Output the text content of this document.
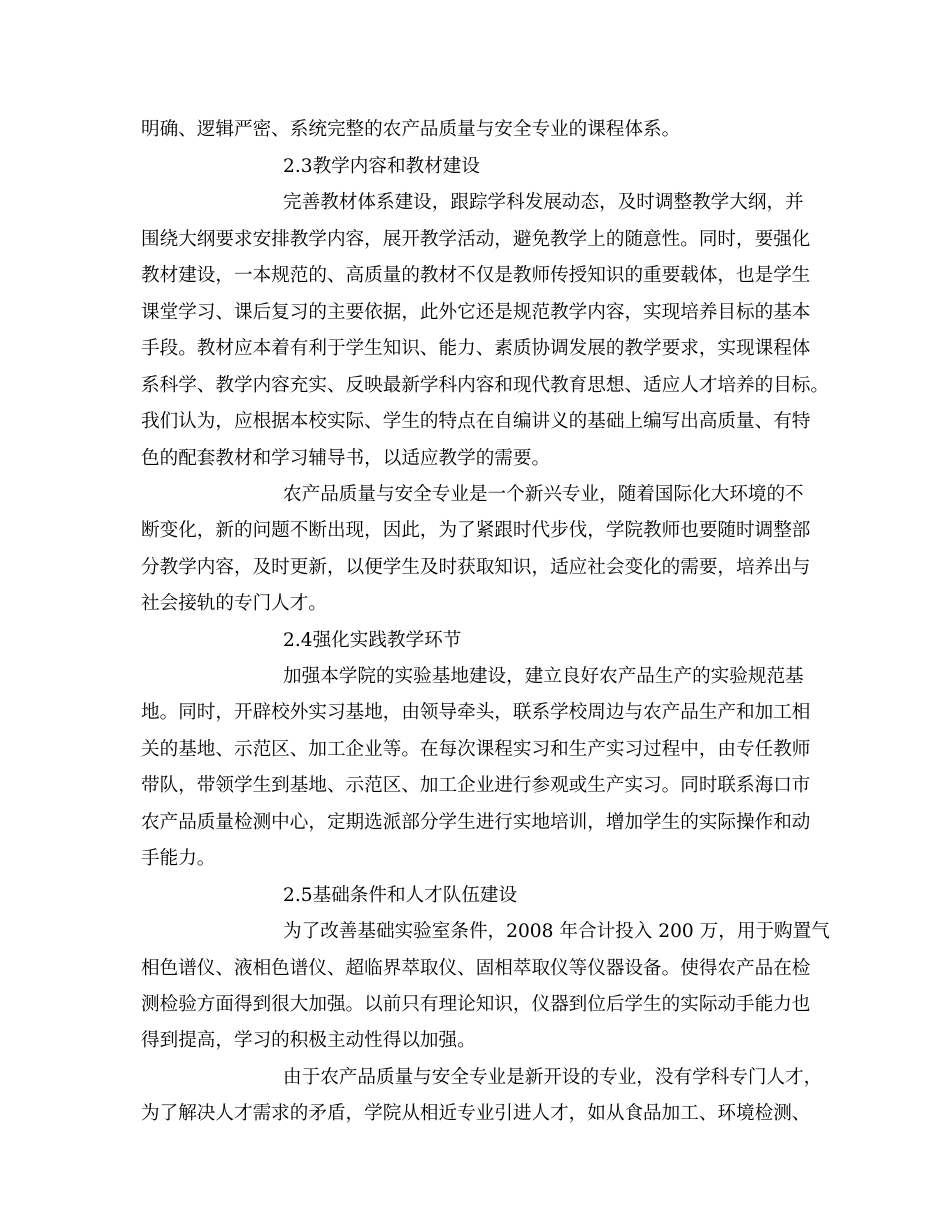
明确、逻辑严密、系统完整的农产品质量与安全专业的课程体系。
2.3教学内容和教材建设
完善教材体系建设，跟踪学科发展动态，及时调整教学大纲，并
围绕大纲要求安排教学内容，展开教学活动，避免教学上的随意性。同时，要强化
教材建设，一本规范的、高质量的教材不仅是教师传授知识的重要载体，也是学生
课堂学习、课后复习的主要依据，此外它还是规范教学内容，实现培养目标的基本
手段。教材应本着有利于学生知识、能力、素质协调发展的教学要求，实现课程体
系科学、教学内容充实、反映最新学科内容和现代教育思想、适应人才培养的目标。
我们认为，应根据本校实际、学生的特点在自编讲义的基础上编写出高质量、有特
色的配套教材和学习辅导书，以适应教学的需要。
农产品质量与安全专业是一个新兴专业，随着国际化大环境的不
断变化，新的问题不断出现，因此，为了紧跟时代步伐，学院教师也要随时调整部
分教学内容，及时更新，以便学生及时获取知识，适应社会变化的需要，培养出与
社会接轨的专门人才。
2.4强化实践教学环节
加强本学院的实验基地建设，建立良好农产品生产的实验规范基
地。同时，开辟校外实习基地，由领导牵头，联系学校周边与农产品生产和加工相
关的基地、示范区、加工企业等。在每次课程实习和生产实习过程中，由专任教师
带队，带领学生到基地、示范区、加工企业进行参观或生产实习。同时联系海口市
农产品质量检测中心，定期选派部分学生进行实地培训，增加学生的实际操作和动
手能力。
2.5基础条件和人才队伍建设
为了改善基础实验室条件，2008 年合计投入 200 万，用于购置气
相色谱仪、液相色谱仪、超临界萃取仪、固相萃取仪等仪器设备。使得农产品在检
测检验方面得到很大加强。以前只有理论知识，仪器到位后学生的实际动手能力也
得到提高，学习的积极主动性得以加强。
由于农产品质量与安全专业是新开设的专业，没有学科专门人才，
为了解决人才需求的矛盾，学院从相近专业引进人才，如从食品加工、环境检测、
